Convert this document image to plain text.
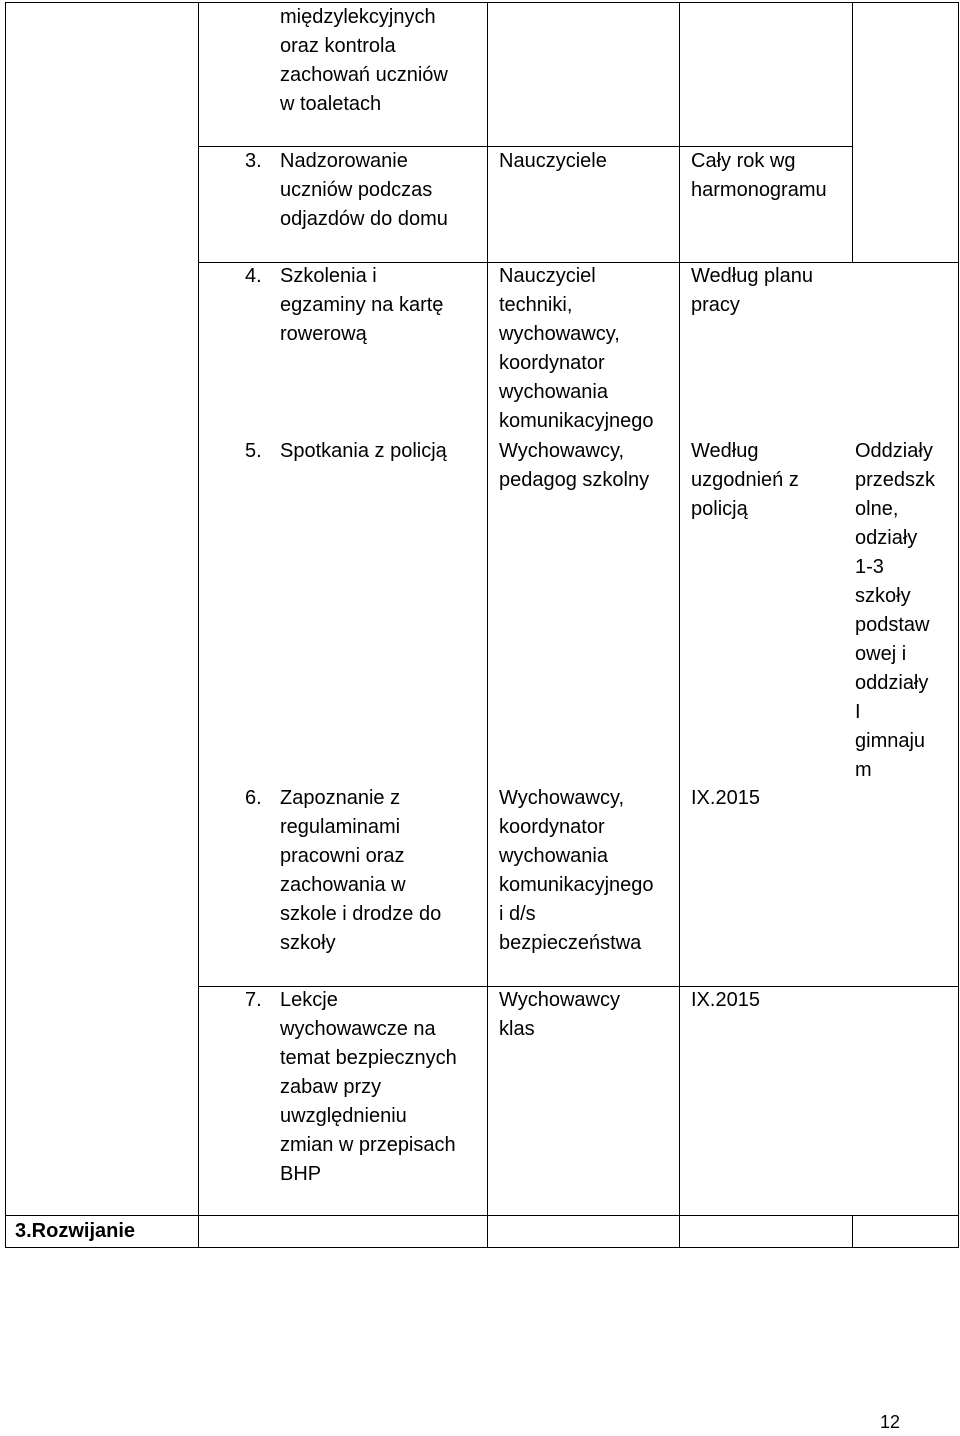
międzylekcyjnych
oraz kontrola
zachowań uczniów
w toaletach
3. Nadzorowanie
uczniów podczas
odjazdów do domu
Nauczyciele	Cały rok wg
harmonogramu
4. Szkolenia i
egzaminy na kartę
rowerową
Nauczyciel
techniki,
wychowawcy,
koordynator
wychowania
komunikacyjnego
Według planu
pracy
5. Spotkania z policją	Wychowawcy,
pedagog szkolny
Według
uzgodnień z
policją
Oddziały
przedszk
olne,
odziały
1-3
szkoły
podstaw
owej i
oddziały
I
gimnaju
m
6. Zapoznanie z
regulaminami
pracowni oraz
zachowania w
szkole i drodze do
szkoły
Wychowawcy,
koordynator
wychowania
komunikacyjnego
i d/s
bezpieczeństwa
IX.2015
7. Lekcje
wychowawcze na
temat bezpiecznych
zabaw przy
uwzględnieniu
zmian w przepisach
BHP
Wychowawcy
klas
IX.2015
3.Rozwijanie
12
